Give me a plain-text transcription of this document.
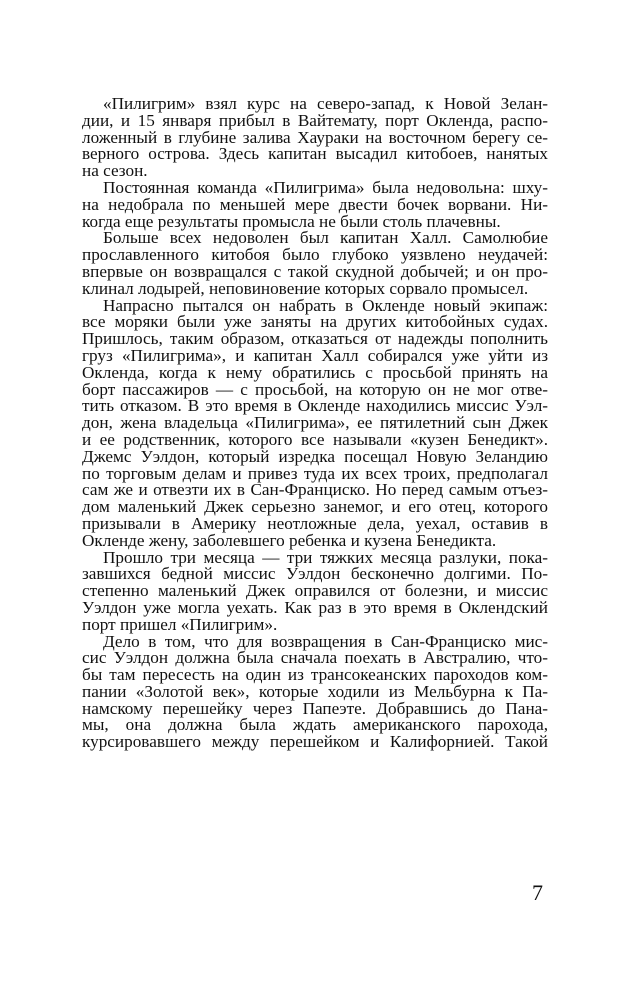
«Пилигрим» взял курс на северо-запад, к Новой Зелан-
дии, и 15 января прибыл в Вайтемату, порт Окленда, распо-
ложенный в глубине залива Хаураки на восточном берегу се-
верного острова. Здесь капитан высадил китобоев, нанятых
на сезон.
Постоянная команда «Пилигрима» была недовольна: шху-
на недобрала по меньшей мере двести бочек ворвани. Ни-
когда еще результаты промысла не были столь плачевны.
Больше всех недоволен был капитан Халл. Самолюбие
прославленного китобоя было глубоко уязвлено неудачей:
впервые он возвращался с такой скудной добычей; и он про-
клинал лодырей, неповиновение которых сорвало промысел.
Напрасно пытался он набрать в Окленде новый экипаж:
все моряки были уже заняты на других китобойных судах.
Пришлось, таким образом, отказаться от надежды пополнить
груз «Пилигрима», и капитан Халл собирался уже уйти из
Окленда, когда к нему обратились с просьбой принять на
борт пассажиров — с просьбой, на которую он не мог отве-
тить отказом. В это время в Окленде находились миссис Уэл-
дон, жена владельца «Пилигрима», ее пятилетний сын Джек
и ее родственник, которого все называли «кузен Бенедикт».
Джемс Уэлдон, который изредка посещал Новую Зеландию
по торговым делам и привез туда их всех троих, предполагал
сам же и отвезти их в Сан-Франциско. Но перед самым отъез-
дом маленький Джек серьезно занемог, и его отец, которого
призывали в Америку неотложные дела, уехал, оставив в
Окленде жену, заболевшего ребенка и кузена Бенедикта.
Прошло три месяца — три тяжких месяца разлуки, пока-
завшихся бедной миссис Уэлдон бесконечно долгими. По-
степенно маленький Джек оправился от болезни, и миссис
Уэлдон уже могла уехать. Как раз в это время в Оклендский
порт пришел «Пилигрим».
Дело в том, что для возвращения в Сан-Франциско мис-
сис Уэлдон должна была сначала поехать в Австралию, что-
бы там пересесть на один из трансокеанских пароходов ком-
пании «Золотой век», которые ходили из Мельбурна к Па-
намскому перешейку через Папеэте. Добравшись до Пана-
мы, она должна была ждать американского парохода,
курсировавшего между перешейком и Калифорнией. Такой
7
